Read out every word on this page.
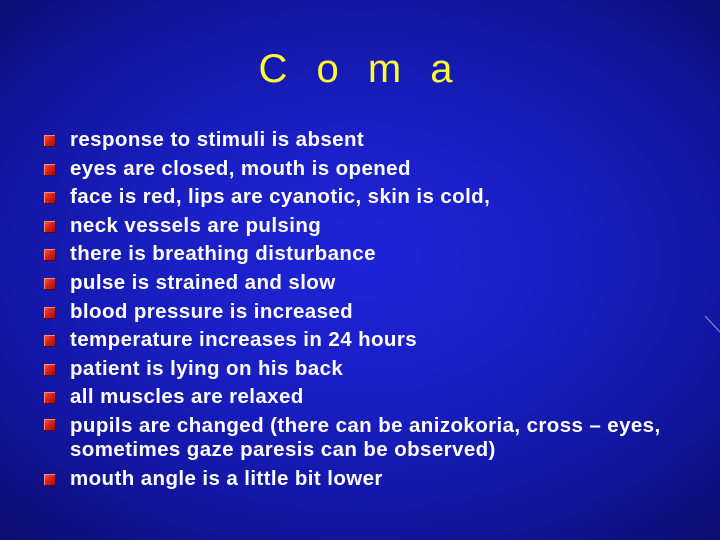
C o m a
response to stimuli is absent
eyes are closed, mouth is opened
face is red, lips are cyanotic, skin is cold,
neck vessels are pulsing
there is breathing disturbance
pulse is strained and slow
blood pressure is increased
temperature increases in 24 hours
patient is lying on his back
all muscles are relaxed
pupils are changed (there can be anizokoria, cross – eyes, sometimes gaze paresis can be observed)
mouth angle is a little bit lower
